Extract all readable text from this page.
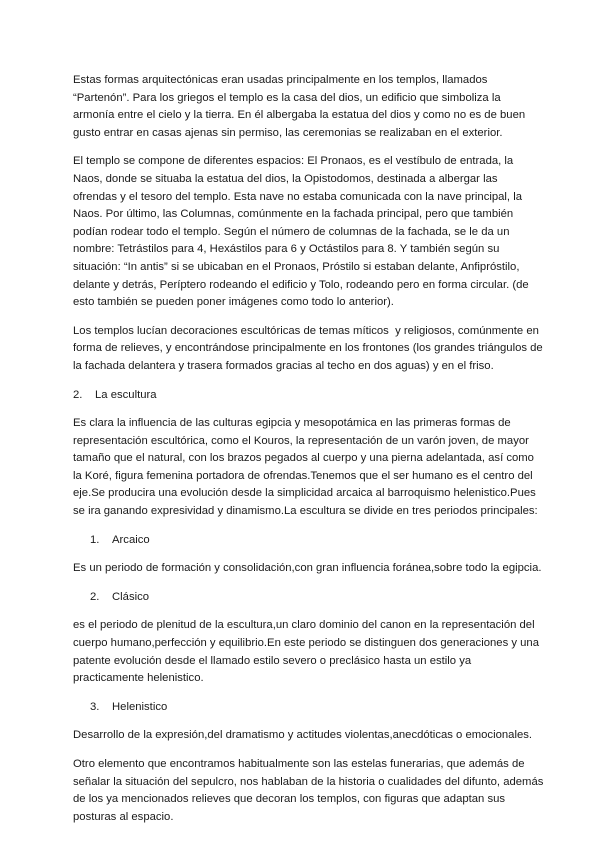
Estas formas arquitectónicas eran usadas principalmente en los templos, llamados “Partenón”. Para los griegos el templo es la casa del dios, un edificio que simboliza la armonía entre el cielo y la tierra. En él albergaba la estatua del dios y como no es de buen gusto entrar en casas ajenas sin permiso, las ceremonias se realizaban en el exterior.

El templo se compone de diferentes espacios: El Pronaos, es el vestíbulo de entrada, la Naos, donde se situaba la estatua del dios, la Opistodomos, destinada a albergar las ofrendas y el tesoro del templo. Esta nave no estaba comunicada con la nave principal, la Naos. Por último, las Columnas, comúnmente en la fachada principal, pero que también podían rodear todo el templo. Según el número de columnas de la fachada, se le da un nombre: Tetrástilos para 4, Hexástilos para 6 y Octástilos para 8. Y también según su situación: “In antis” si se ubicaban en el Pronaos, Próstilo si estaban delante, Anfipróstilo, delante y detrás, Períptero rodeando el edificio y Tolo, rodeando pero en forma circular. (de esto también se pueden poner imágenes como todo lo anterior).

Los templos lucían decoraciones escultóricas de temas míticos  y religiosos, comúnmente en forma de relieves, y encontrándose principalmente en los frontones (los grandes triángulos de la fachada delantera y trasera formados gracias al techo en dos aguas) y en el friso.

2.	La escultura

Es clara la influencia de las culturas egipcia y mesopotámica en las primeras formas de representación escultórica, como el Kouros, la representación de un varón joven, de mayor tamaño que el natural, con los brazos pegados al cuerpo y una pierna adelantada, así como la Koré, figura femenina portadora de ofrendas.Tenemos que el ser humano es el centro del eje.Se producira una evolución desde la simplicidad arcaica al barroquismo helenistico.Pues se ira ganando expresividad y dinamismo.La escultura se divide en tres periodos principales:

1.	Arcaico

Es un periodo de formación y consolidación,con gran influencia foránea,sobre todo la egipcia.

2.	Clásico

es el periodo de plenitud de la escultura,un claro dominio del canon en la representación del cuerpo humano,perfección y equilibrio.En este periodo se distinguen dos generaciones y una patente evolución desde el llamado estilo severo o preclásico hasta un estilo ya practicamente helenistico.

3.	Helenistico

Desarrollo de la expresión,del dramatismo y actitudes violentas,anecdóticas o emocionales.

Otro elemento que encontramos habitualmente son las estelas funerarias, que además de señalar la situación del sepulcro, nos hablaban de la historia o cualidades del difunto, además de los ya mencionados relieves que decoran los templos, con figuras que adaptan sus posturas al espacio.
